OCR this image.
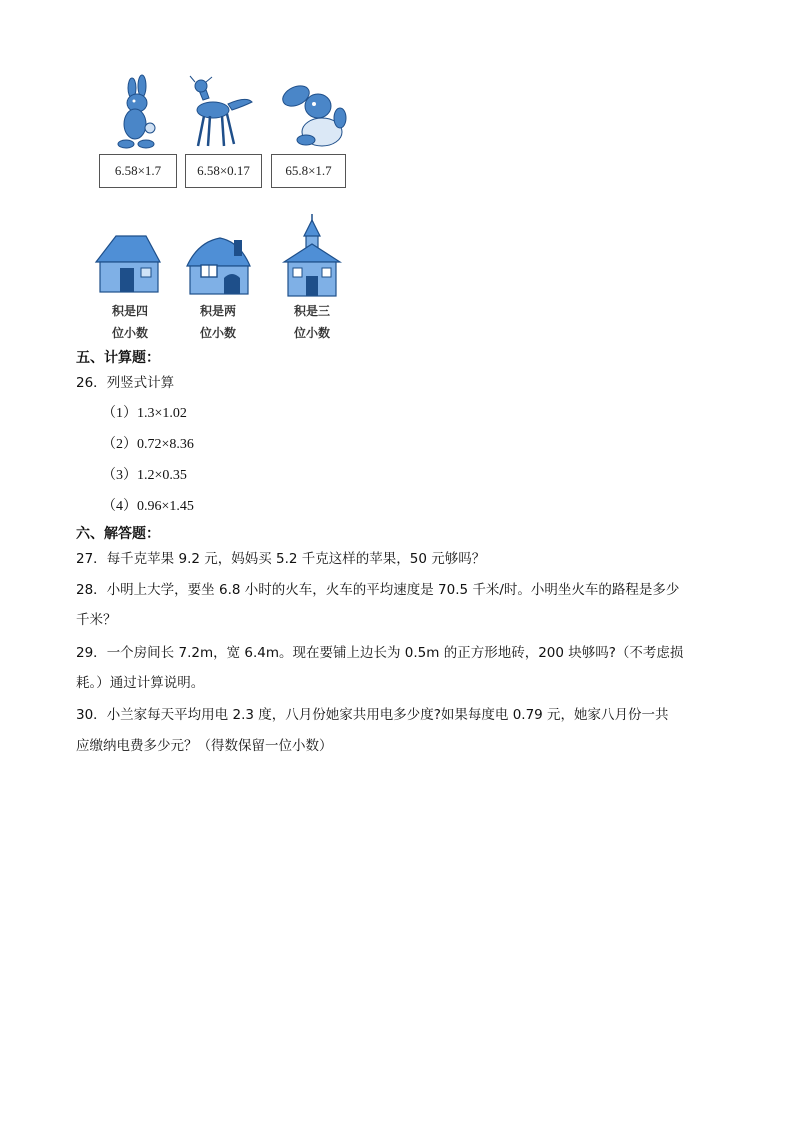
6.58×1.7	6.58×0.17	65.8×1.7
积是四
位小数
积是两
位小数
积是三
位小数
五、计算题：
26．列竖式计算
（1）1.3×1.02
（2）0.72×8.36
（3）1.2×0.35
（4）0.96×1.45
六、解答题：
27．每千克苹果 9.2 元，妈妈买 5.2 千克这样的苹果，50 元够吗？
28．小明上大学，要坐 6.8 小时的火车，火车的平均速度是 70.5 千米/时。小明坐火车的路程是多少
千米？
29．一个房间长 7.2m，宽 6.4m。现在要铺上边长为 0.5m 的正方形地砖，200 块够吗?（不考虑损
耗。）通过计算说明。
30．小兰家每天平均用电 2.3 度，八月份她家共用电多少度?如果每度电 0.79 元，她家八月份一共
应缴纳电费多少元？（得数保留一位小数）
